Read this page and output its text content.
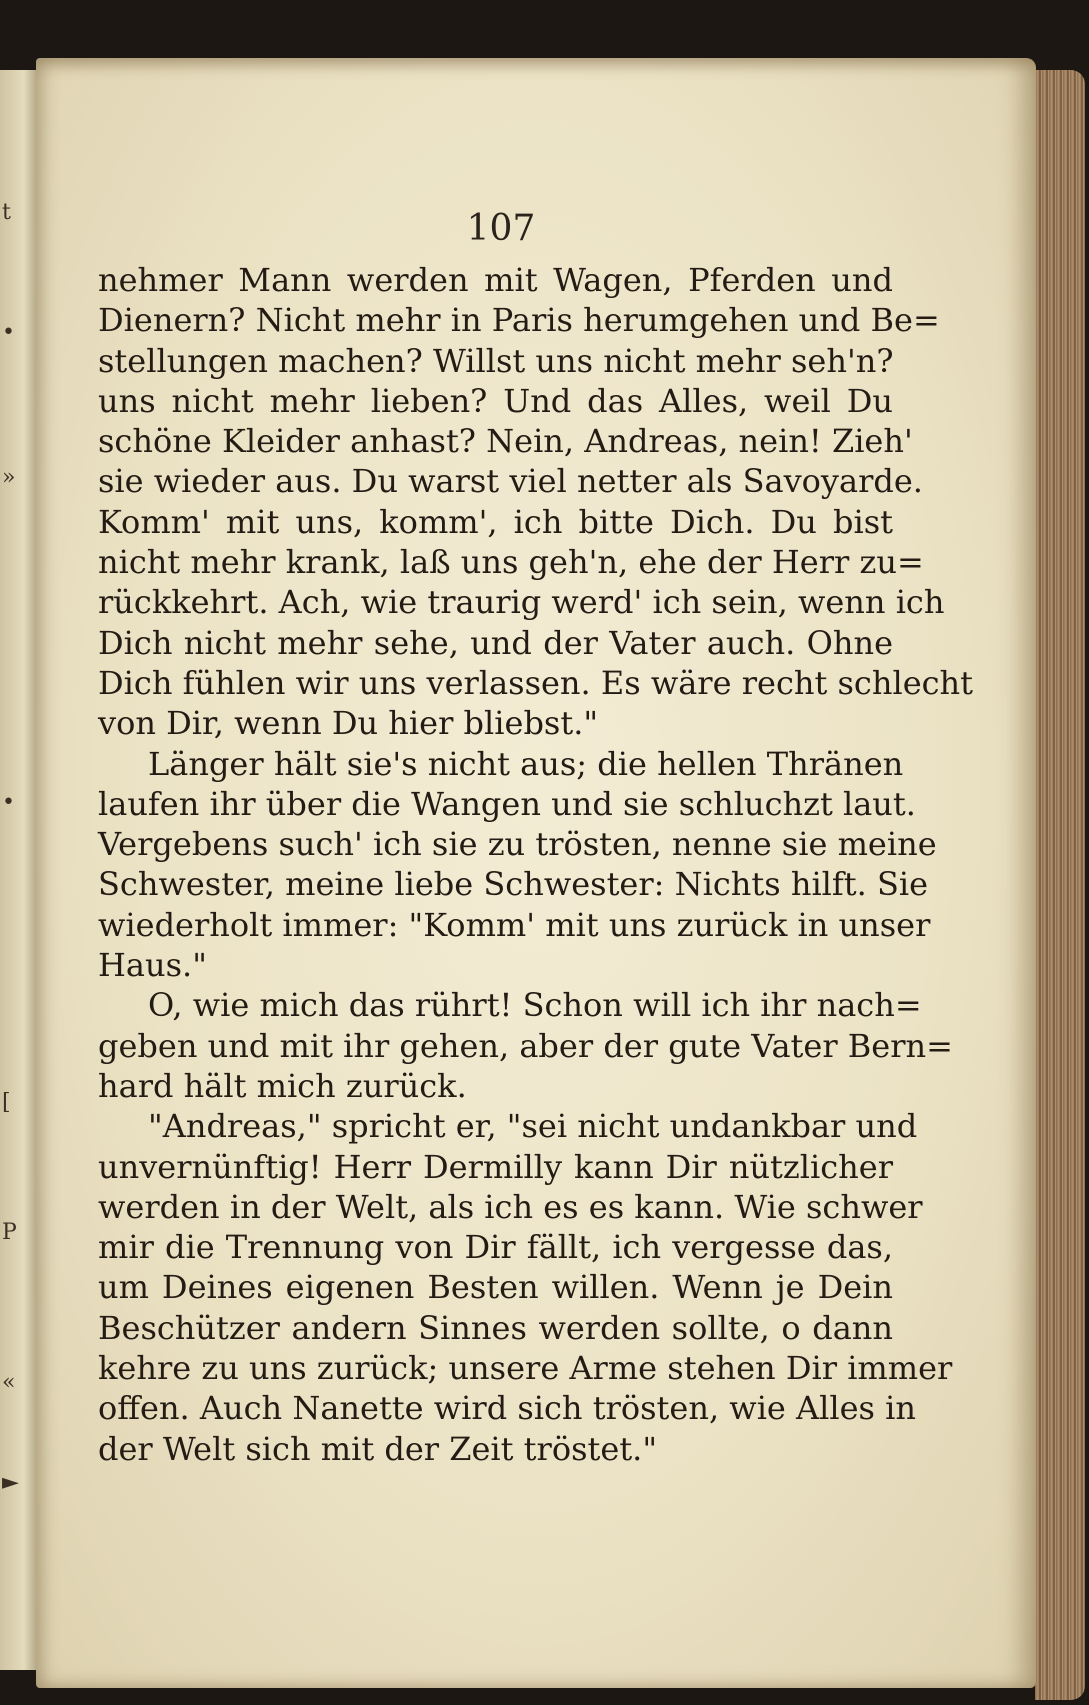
t
•
»
•
[
P
«
►
107
nehmer Mann werden mit Wagen, Pferden und
Dienern? Nicht mehr in Paris herumgehen und Be=
stellungen machen? Willst uns nicht mehr seh'n?
uns nicht mehr lieben? Und das Alles, weil Du
schöne Kleider anhast? Nein, Andreas, nein! Zieh'
sie wieder aus. Du warst viel netter als Savoyarde.
Komm' mit uns, komm', ich bitte Dich. Du bist
nicht mehr krank, laß uns geh'n, ehe der Herr zu=
rückkehrt. Ach, wie traurig werd' ich sein, wenn ich
Dich nicht mehr sehe, und der Vater auch. Ohne
Dich fühlen wir uns verlassen. Es wäre recht schlecht
von Dir, wenn Du hier bliebst."
Länger hält sie's nicht aus; die hellen Thränen
laufen ihr über die Wangen und sie schluchzt laut.
Vergebens such' ich sie zu trösten, nenne sie meine
Schwester, meine liebe Schwester: Nichts hilft. Sie
wiederholt immer: "Komm' mit uns zurück in unser
Haus."
O, wie mich das rührt! Schon will ich ihr nach=
geben und mit ihr gehen, aber der gute Vater Bern=
hard hält mich zurück.
"Andreas," spricht er, "sei nicht undankbar und
unvernünftig! Herr Dermilly kann Dir nützlicher
werden in der Welt, als ich es es kann. Wie schwer
mir die Trennung von Dir fällt, ich vergesse das,
um Deines eigenen Besten willen. Wenn je Dein
Beschützer andern Sinnes werden sollte, o dann
kehre zu uns zurück; unsere Arme stehen Dir immer
offen. Auch Nanette wird sich trösten, wie Alles in
der Welt sich mit der Zeit tröstet."
